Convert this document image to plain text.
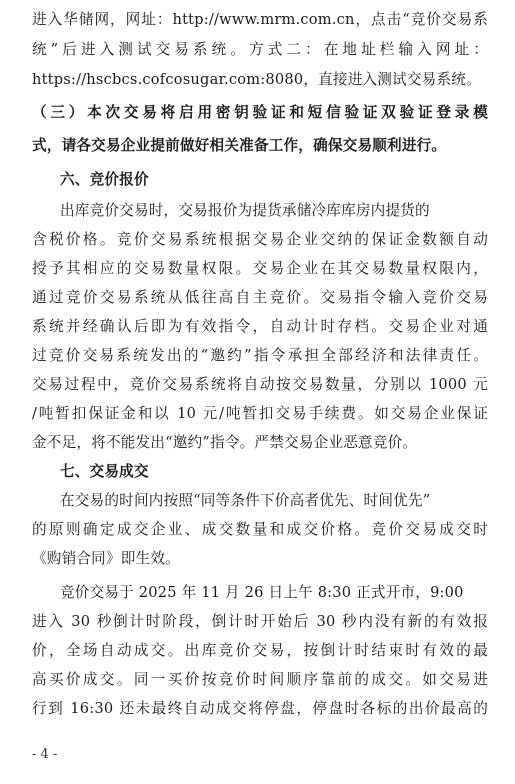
进入华储网，网址：http://www.mrm.com.cn，点击“竞价交易系
统”后进入测试交易系统。方式二：在地址栏输入网址：
https://hscbcs.cofcosugar.com:8080，直接进入测试交易系统。
（三）本次交易将启用密钥验证和短信验证双验证登录模
式，请各交易企业提前做好相关准备工作，确保交易顺利进行。
六、竞价报价
出库竞价交易时，交易报价为提货承储冷库库房内提货的
含税价格。竞价交易系统根据交易企业交纳的保证金数额自动
授予其相应的交易数量权限。交易企业在其交易数量权限内，
通过竞价交易系统从低往高自主竞价。交易指令输入竞价交易
系统并经确认后即为有效指令，自动计时存档。交易企业对通
过竞价交易系统发出的“邀约”指令承担全部经济和法律责任。
交易过程中，竞价交易系统将自动按交易数量，分别以 1000 元
/吨暂扣保证金和以 10 元/吨暂扣交易手续费。如交易企业保证
金不足，将不能发出“邀约”指令。严禁交易企业恶意竞价。
七、交易成交
在交易的时间内按照“同等条件下价高者优先、时间优先”
的原则确定成交企业、成交数量和成交价格。竞价交易成交时
《购销合同》即生效。
竞价交易于 2025 年 11 月 26 日上午 8:30 正式开市，9:00
进入 30 秒倒计时阶段，倒计时开始后 30 秒内没有新的有效报
价，全场自动成交。出库竞价交易，按倒计时结束时有效的最
高买价成交。同一买价按竞价时间顺序靠前的成交。如交易进
行到 16:30 还未最终自动成交将停盘，停盘时各标的出价最高的
- 4 -
